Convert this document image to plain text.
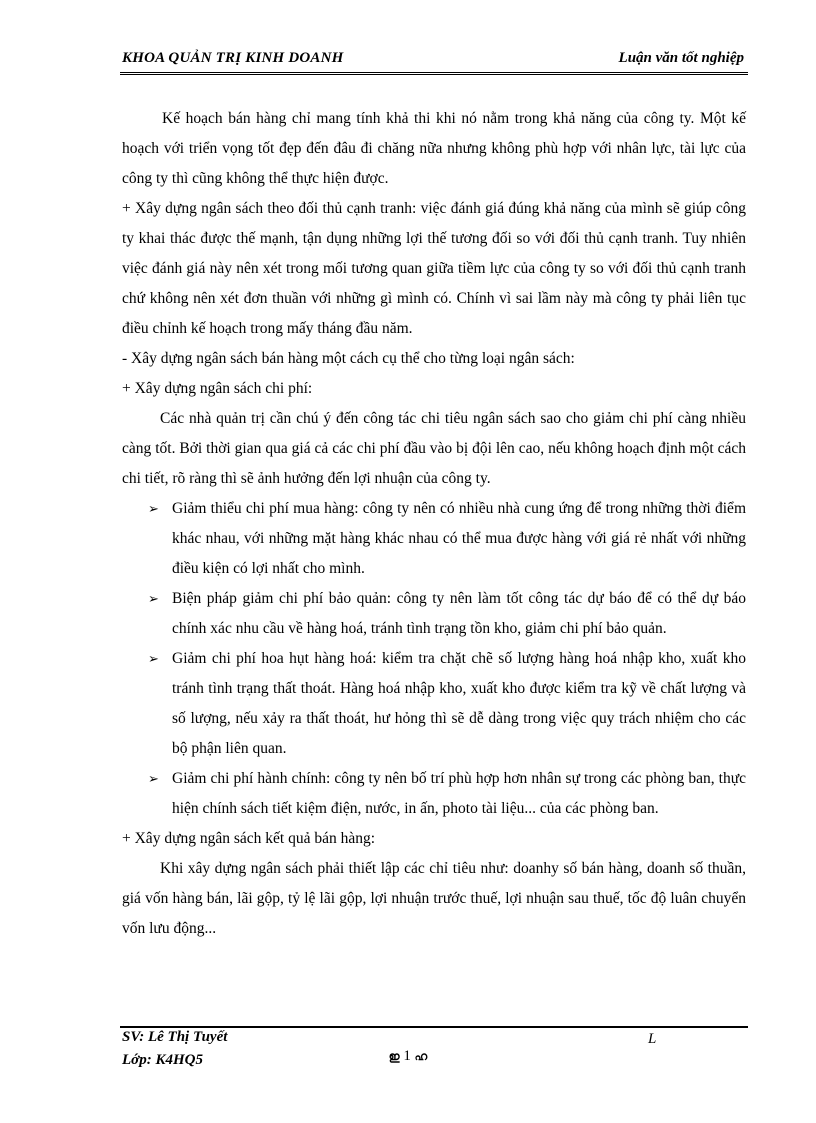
KHOA QUẢN TRỊ KINH DOANH	Luận văn tốt nghiệp

Kế hoạch bán hàng chỉ mang tính khả thi khi nó nằm trong khả năng của công ty. Một kế hoạch với triển vọng tốt đẹp đến đâu đi chăng nữa nhưng không phù hợp với nhân lực, tài lực của công ty thì cũng không thể thực hiện được.

+ Xây dựng ngân sách theo đối thủ cạnh tranh: việc đánh giá đúng khả năng của mình sẽ giúp công ty khai thác được thế mạnh, tận dụng những lợi thế tương đối so với đối thủ cạnh tranh. Tuy nhiên việc đánh giá này nên xét trong mối tương quan giữa tiềm lực của công ty so với đối thủ cạnh tranh chứ không nên xét đơn thuần với những gì mình có. Chính vì sai lầm này mà công ty phải liên tục điều chỉnh kế hoạch trong mấy tháng đầu năm.

- Xây dựng ngân sách bán hàng một cách cụ thể cho từng loại ngân sách:

+ Xây dựng ngân sách chi phí:

Các nhà quản trị cần chú ý đến công tác chi tiêu ngân sách sao cho giảm chi phí càng nhiều càng tốt. Bởi thời gian qua giá cả các chi phí đầu vào bị đội lên cao, nếu không hoạch định một cách chi tiết, rõ ràng thì sẽ ảnh hưởng đến lợi nhuận của công ty.

➢ Giảm thiểu chi phí mua hàng: công ty nên có nhiều nhà cung ứng để trong những thời điểm khác nhau, với những mặt hàng khác nhau có thể mua được hàng với giá rẻ nhất với những điều kiện có lợi nhất cho mình.
➢ Biện pháp giảm chi phí bảo quản: công ty nên làm tốt công tác dự báo để có thể dự báo chính xác nhu cầu về hàng hoá, tránh tình trạng tồn kho, giảm chi phí bảo quản.
➢ Giảm chi phí hoa hụt hàng hoá: kiểm tra chặt chẽ số lượng hàng hoá nhập kho, xuất kho tránh tình trạng thất thoát. Hàng hoá nhập kho, xuất kho được kiểm tra kỹ về chất lượng và số lượng, nếu xảy ra thất thoát, hư hỏng thì sẽ dễ dàng trong việc quy trách nhiệm cho các bộ phận liên quan.
➢ Giảm chi phí hành chính: công ty nên bố trí phù hợp hơn nhân sự trong các phòng ban, thực hiện chính sách tiết kiệm điện, nước, in ấn, photo tài liệu... của các phòng ban.

+ Xây dựng ngân sách kết quả bán hàng:

Khi xây dựng ngân sách phải thiết lập các chỉ tiêu như: doanhy số bán hàng, doanh số thuần, giá vốn hàng bán, lãi gộp, tỷ lệ lãi gộp, lợi nhuận trước thuế, lợi nhuận sau thuế, tốc độ luân chuyển vốn lưu động...

SV: Lê Thị Tuyết
Lớp: K4HQ5
L
ഇ 1 ഹ
